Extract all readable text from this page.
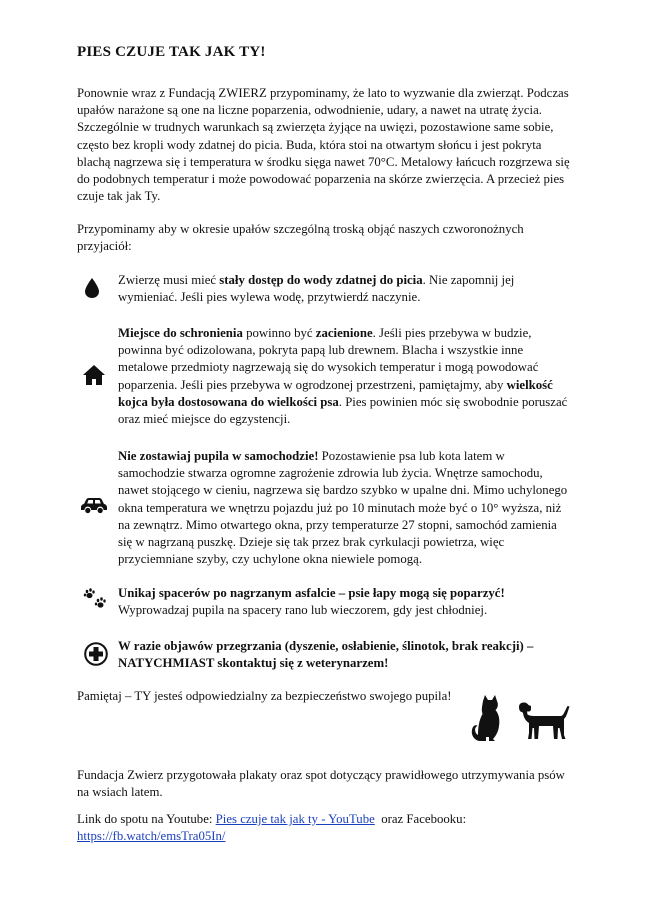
PIES CZUJE TAK JAK TY!

Ponownie wraz z Fundacją ZWIERZ przypominamy, że lato to wyzwanie dla zwierząt. Podczas upałów narażone są one na liczne poparzenia, odwodnienie, udary, a nawet na utratę życia. Szczególnie w trudnych warunkach są zwierzęta żyjące na uwięzi, pozostawione same sobie, często bez kropli wody zdatnej do picia. Buda, która stoi na otwartym słońcu i jest pokryta blachą nagrzewa się i temperatura w środku sięga nawet 70°C. Metalowy łańcuch rozgrzewa się do podobnych temperatur i może powodować poparzenia na skórze zwierzęcia. A przecież pies czuje tak jak Ty.

Przypominamy aby w okresie upałów szczególną troską objąć naszych czworonożnych przyjaciół:

Zwierzę musi mieć stały dostęp do wody zdatnej do picia. Nie zapomnij jej wymieniać. Jeśli pies wylewa wodę, przytwierdź naczynie.

Miejsce do schronienia powinno być zacienione. Jeśli pies przebywa w budzie, powinna być odizolowana, pokryta papą lub drewnem. Blacha i wszystkie inne metalowe przedmioty nagrzewają się do wysokich temperatur i mogą powodować poparzenia. Jeśli pies przebywa w ogrodzonej przestrzeni, pamiętajmy, aby wielkość kojca była dostosowana do wielkości psa. Pies powinien móc się swobodnie poruszać oraz mieć miejsce do egzystencji.

Nie zostawiaj pupila w samochodzie! Pozostawienie psa lub kota latem w samochodzie stwarza ogromne zagrożenie zdrowia lub życia. Wnętrze samochodu, nawet stojącego w cieniu, nagrzewa się bardzo szybko w upalne dni. Mimo uchylonego okna temperatura we wnętrzu pojazdu już po 10 minutach może być o 10° wyższa, niż na zewnątrz. Mimo otwartego okna, przy temperaturze 27 stopni, samochód zamienia się w nagrzaną puszkę. Dzieje się tak przez brak cyrkulacji powietrza, więc przyciemniane szyby, czy uchylone okna niewiele pomogą.

Unikaj spacerów po nagrzanym asfalcie – psie łapy mogą się poparzyć!
Wyprowadzaj pupila na spacery rano lub wieczorem, gdy jest chłodniej.

W razie objawów przegrzania (dyszenie, osłabienie, ślinotok, brak reakcji) – NATYCHMIAST skontaktuj się z weterynarzem!

Pamiętaj – TY jesteś odpowiedzialny za bezpieczeństwo swojego pupila!

Fundacja Zwierz przygotowała plakaty oraz spot dotyczący prawidłowego utrzymywania psów na wsiach latem.

Link do spotu na Youtube: Pies czuje tak jak ty - YouTube  oraz Facebooku:
https://fb.watch/emsTra05In/
